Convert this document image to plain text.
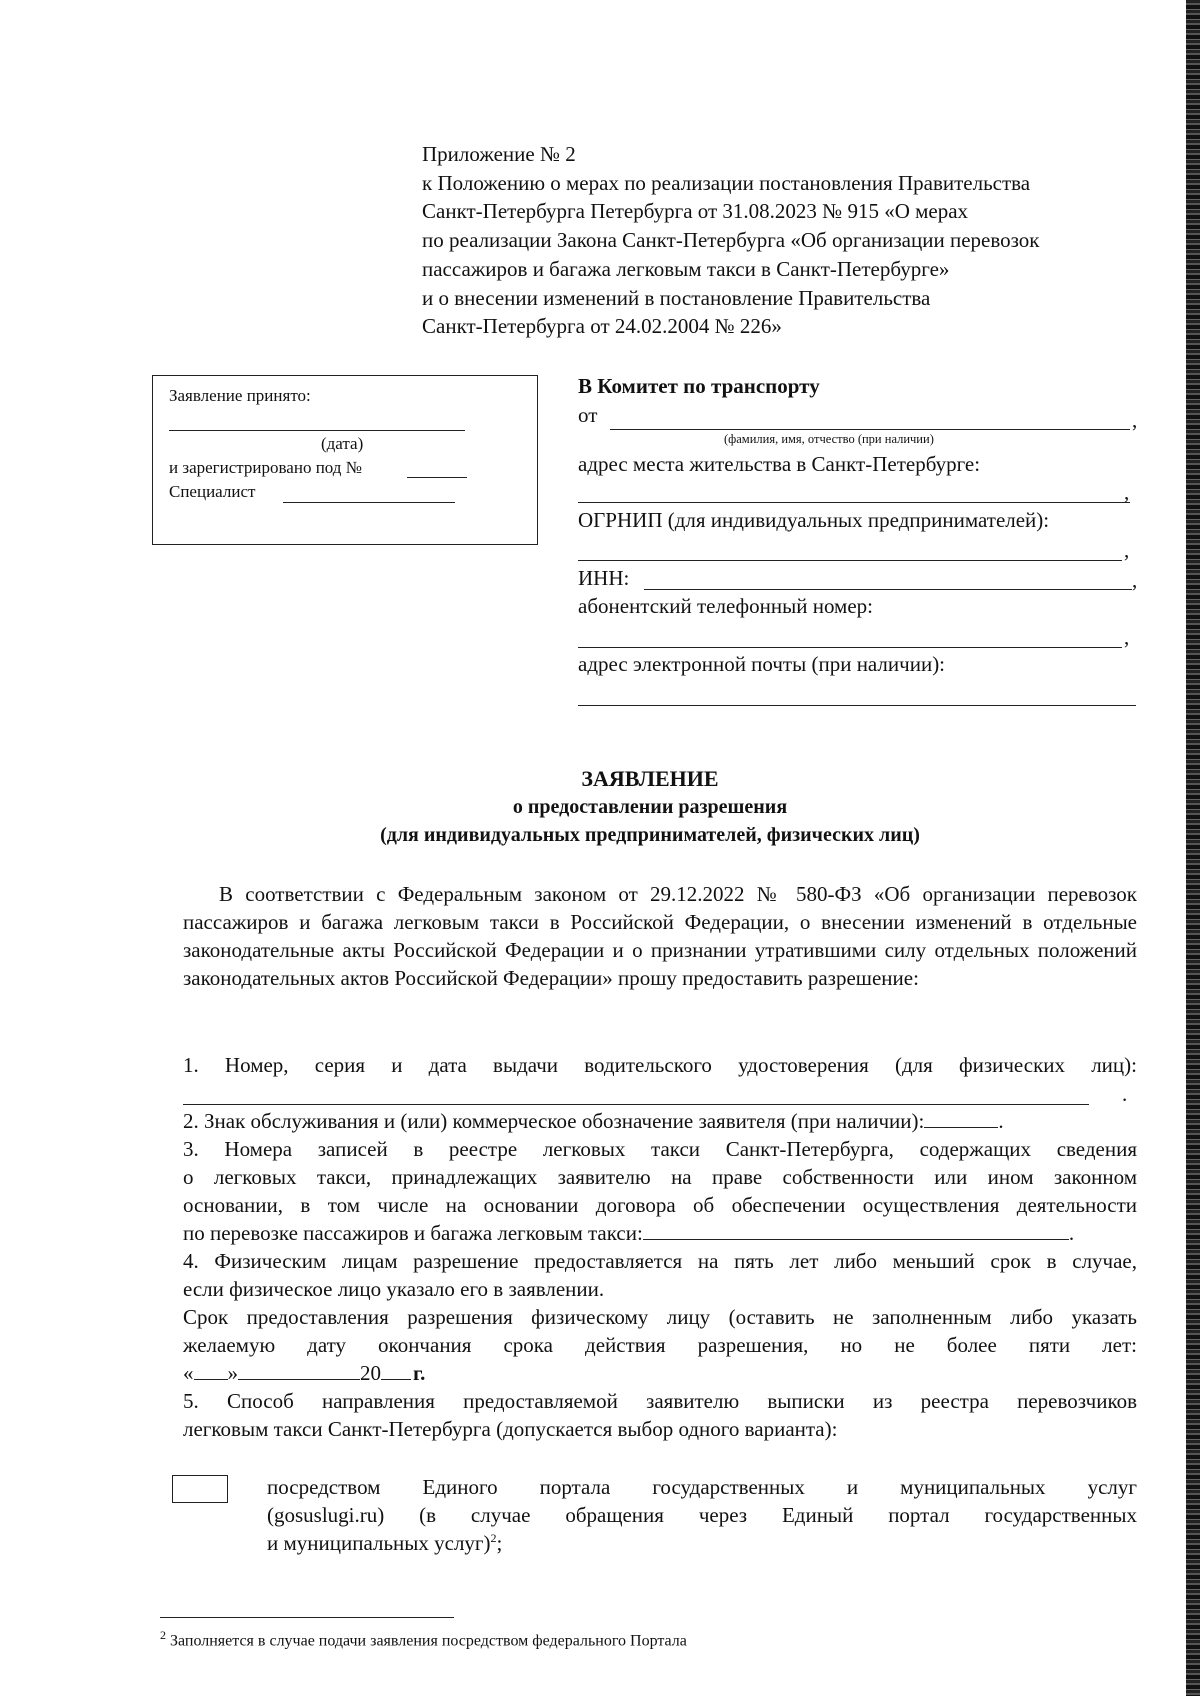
Приложение № 2
к Положению о мерах по реализации постановления Правительства
Санкт-Петербурга Петербурга от 31.08.2023 № 915 «О мерах
по реализации Закона Санкт-Петербурга «Об организации перевозок
пассажиров и багажа легковым такси в Санкт-Петербурге»
и о внесении изменений в постановление Правительства
Санкт-Петербурга от 24.02.2004 № 226»
Заявление принято:
(дата)
и зарегистрировано под №
Специалист
В Комитет по транспорту
от	,
(фамилия, имя, отчество (при наличии)
адрес места жительства в Санкт-Петербурге:
,
ОГРНИП (для индивидуальных предпринимателей):
,
ИНН:	,
абонентский телефонный номер:
,
адрес электронной почты (при наличии):
ЗАЯВЛЕНИЕ
о предоставлении разрешения
(для индивидуальных предпринимателей, физических лиц)
В соответствии с Федеральным законом от 29.12.2022 № 580-ФЗ «Об организации перевозок пассажиров и багажа легковым такси в Российской Федерации, о внесении изменений в отдельные законодательные акты Российской Федерации и о признании утратившими силу отдельных положений законодательных актов Российской Федерации» прошу предоставить разрешение:
1. Номер, серия и дата выдачи водительского удостоверения (для физических лиц):
.
2. Знак обслуживания и (или) коммерческое обозначение заявителя (при наличии):	.
3. Номера записей в реестре легковых такси Санкт-Петербурга, содержащих сведения
о легковых такси, принадлежащих заявителю на праве собственности или ином законном
основании, в том числе на основании договора об обеспечении осуществления деятельности
по перевозке пассажиров и багажа легковым такси:	.
4. Физическим лицам разрешение предоставляется на пять лет либо меньший срок в случае,
если физическое лицо указало его в заявлении.
Срок предоставления разрешения физическому лицу (оставить не заполненным либо указать
желаемую дату окончания срока действия разрешения, но не более пяти лет:
« »	20 г.
5. Способ направления предоставляемой заявителю выписки из реестра перевозчиков
легковым такси Санкт-Петербурга (допускается выбор одного варианта):
посредством Единого портала государственных и муниципальных услуг
(gosuslugi.ru) (в случае обращения через Единый портал государственных
и муниципальных услуг)$^2$;
$^2$ Заполняется в случае подачи заявления посредством федерального Портала
